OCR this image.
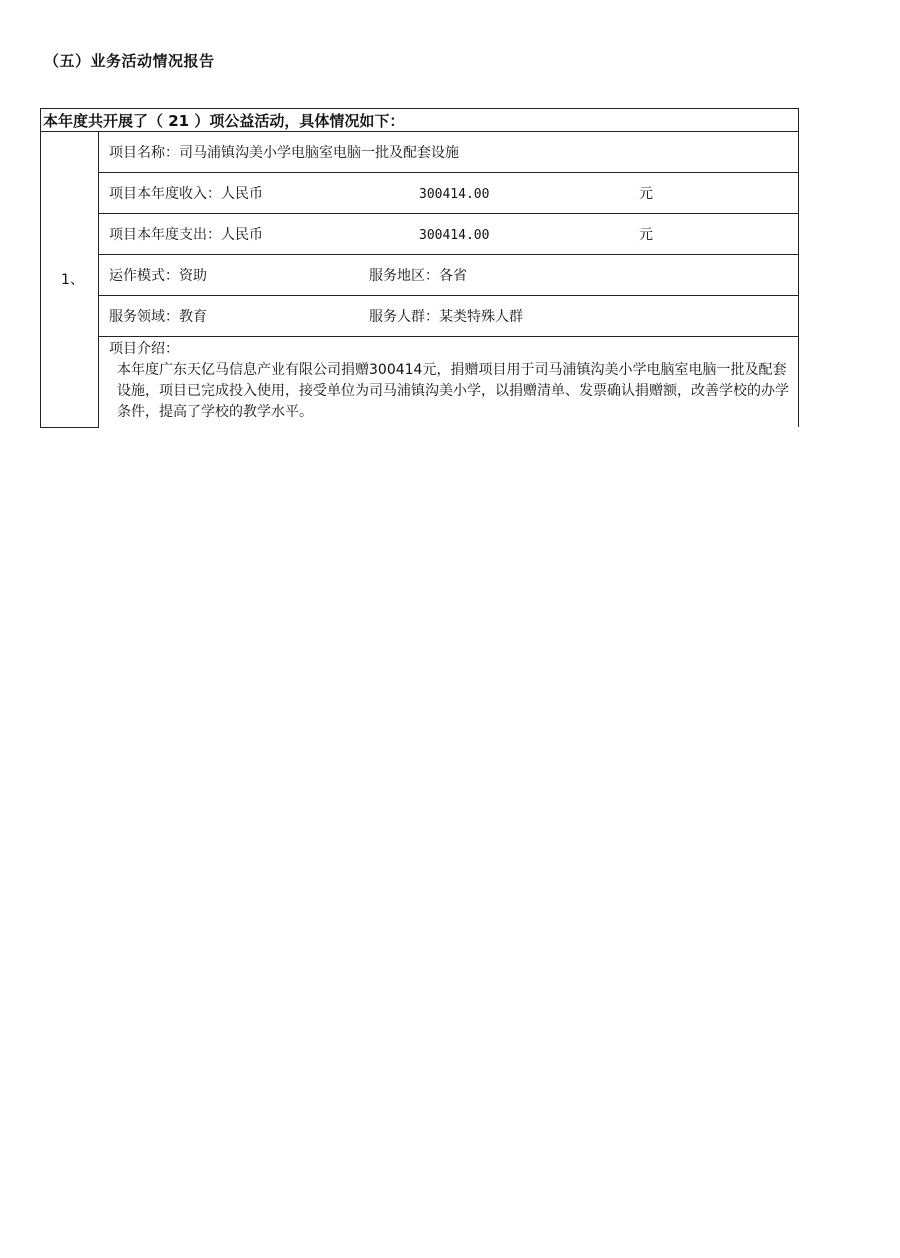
（五）业务活动情况报告
本年度共开展了（ 21 ）项公益活动，具体情况如下：
1、	项目名称：司马浦镇沟美小学电脑室电脑一批及配套设施
项目本年度收入：人民币	300414.00	元
项目本年度支出：人民币	300414.00	元

运作模式：资助	服务地区：各省

服务领域：教育	服务人群：某类特殊人群

项目介绍：
本年度广东天亿马信息产业有限公司捐赠300414元，捐赠项目用于司马浦镇沟美小学电脑室电脑一批及配套设施，项目已完成投入使用，接受单位为司马浦镇沟美小学，以捐赠清单、发票确认捐赠额，改善学校的办学条件，提高了学校的教学水平。
